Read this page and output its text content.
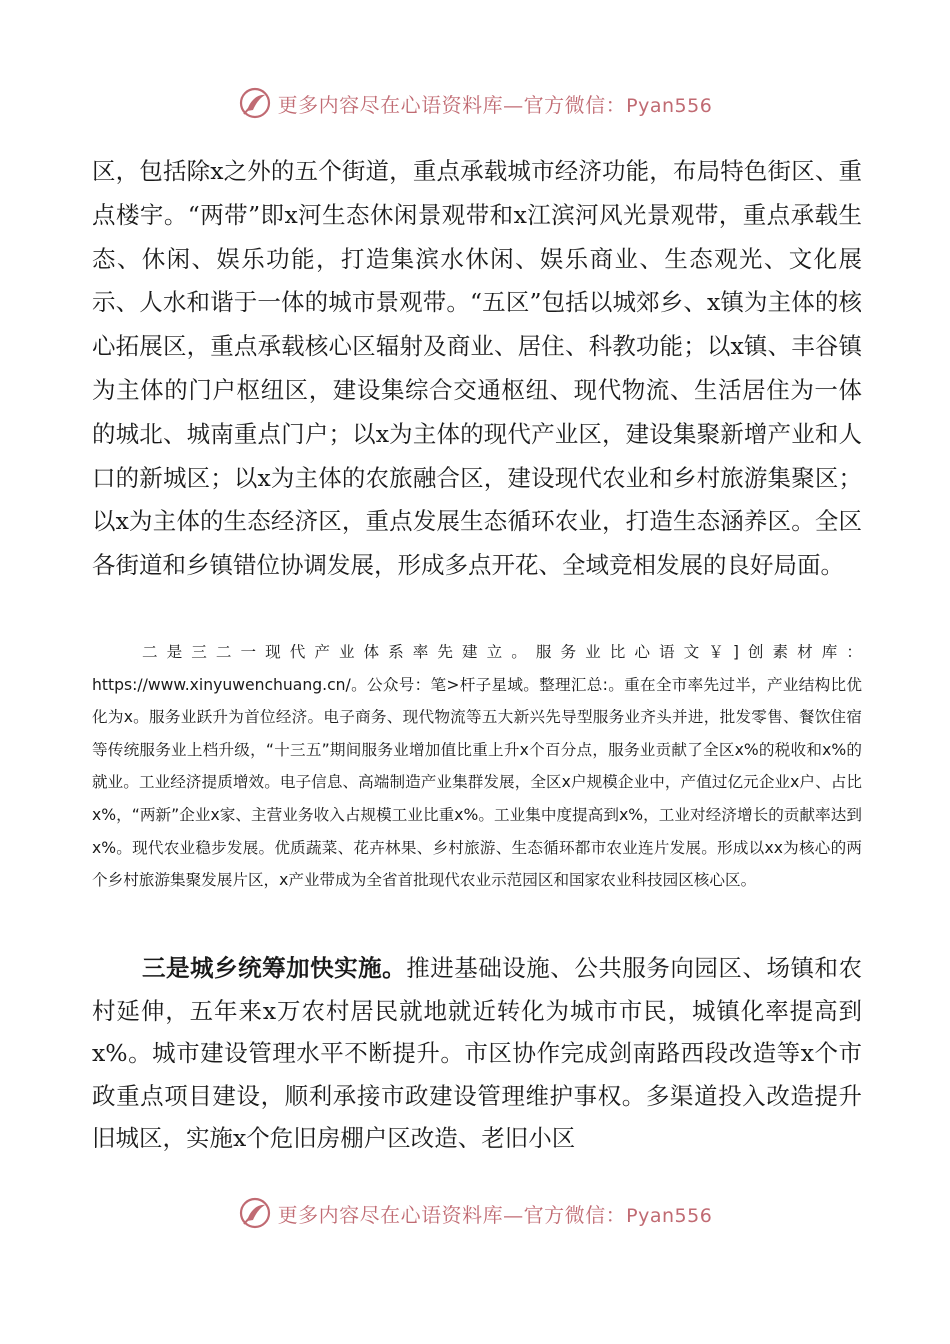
更多内容尽在心语资料库—官方微信：Pyan556

区，包括除x之外的五个街道，重点承载城市经济功能，布局特色街区、重点楼宇。“两带”即x河生态休闲景观带和x江滨河风光景观带，重点承载生态、休闲、娱乐功能，打造集滨水休闲、娱乐商业、生态观光、文化展示、人水和谐于一体的城市景观带。“五区”包括以城郊乡、x镇为主体的核心拓展区，重点承载核心区辐射及商业、居住、科教功能；以x镇、丰谷镇为主体的门户枢纽区，建设集综合交通枢纽、现代物流、生活居住为一体的城北、城南重点门户；以x为主体的现代产业区，建设集聚新增产业和人口的新城区；以x为主体的农旅融合区，建设现代农业和乡村旅游集聚区；以x为主体的生态经济区，重点发展生态循环农业，打造生态涵养区。全区各街道和乡镇错位协调发展，形成多点开花、全域竞相发展的良好局面。

二是三二一现代产业体系率先建立。服务业比心语文￥]创素材库：https://www.xinyuwenchuang.cn/。公众号：笔>杆子星域。整理汇总:。重在全市率先过半，产业结构比优化为x。服务业跃升为首位经济。电子商务、现代物流等五大新兴先导型服务业齐头并进，批发零售、餐饮住宿等传统服务业上档升级，“十三五”期间服务业增加值比重上升x个百分点，服务业贡献了全区x%的税收和x%的就业。工业经济提质增效。电子信息、高端制造产业集群发展，全区x户规模企业中，产值过亿元企业x户、占比x%，“两新”企业x家、主营业务收入占规模工业比重x%。工业集中度提高到x%，工业对经济增长的贡献率达到x%。现代农业稳步发展。优质蔬菜、花卉林果、乡村旅游、生态循环都市农业连片发展。形成以xx为核心的两个乡村旅游集聚发展片区，x产业带成为全省首批现代农业示范园区和国家农业科技园区核心区。

三是城乡统筹加快实施。推进基础设施、公共服务向园区、场镇和农村延伸，五年来x万农村居民就地就近转化为城市市民，城镇化率提高到x%。城市建设管理水平不断提升。市区协作完成剑南路西段改造等x个市政重点项目建设，顺利承接市政建设管理维护事权。多渠道投入改造提升旧城区，实施x个危旧房棚户区改造、老旧小区

更多内容尽在心语资料库—官方微信：Pyan556
